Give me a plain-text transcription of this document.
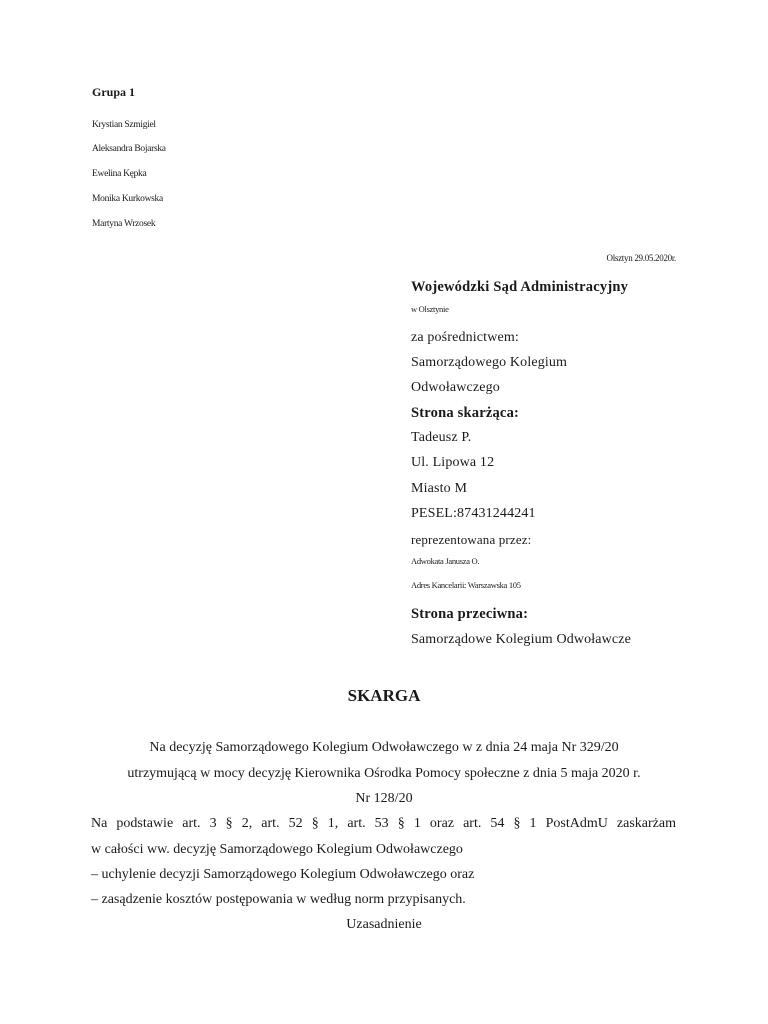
Grupa 1
Krystian Szmigiel
Aleksandra Bojarska
Ewelina Kępka
Monika Kurkowska
Martyna Wrzosek
Olsztyn 29.05.2020r.
Wojewódzki Sąd Administracyjny
w Olsztynie
za pośrednictwem:
Samorządowego Kolegium
Odwoławczego
Strona skarżąca:
Tadeusz P.
Ul. Lipowa 12
Miasto M
PESEL:87431244241
reprezentowana przez:
Adwokata Janusza O.
Adres Kancelarii: Warszawska 105
Strona przeciwna:
Samorządowe Kolegium Odwoławcze
SKARGA
Na decyzję Samorządowego Kolegium Odwoławczego w z dnia 24 maja Nr 329/20
utrzymującą w mocy decyzję Kierownika Ośrodka Pomocy społeczne z dnia 5 maja 2020 r.
Nr 128/20
Na podstawie art. 3 § 2, art. 52 § 1, art. 53 § 1 oraz art. 54 § 1 PostAdmU zaskarżam
w całości ww. decyzję Samorządowego Kolegium Odwoławczego
– uchylenie decyzji Samorządowego Kolegium Odwoławczego oraz
– zasądzenie kosztów postępowania w według norm przypisanych.
Uzasadnienie
